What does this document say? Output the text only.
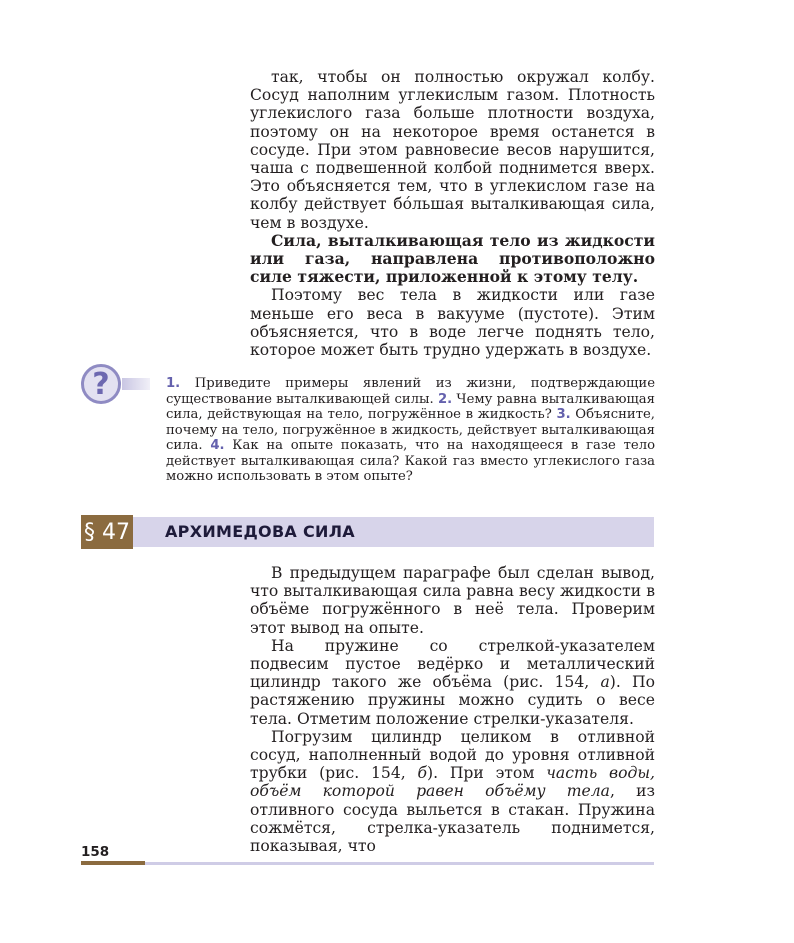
так, чтобы он полностью окружал колбу. Сосуд наполним углекислым газом. Плотность углекислого газа больше плотности воздуха, поэтому он на некоторое время останется в сосуде. При этом равновесие весов нарушится, чаша с подвешенной колбой поднимется вверх. Это объясняется тем, что в углекислом газе на колбу действует бо́льшая выталкивающая сила, чем в воздухе.

Сила, выталкивающая тело из жидкости или газа, направлена противоположно силе тяжести, приложенной к этому телу.

Поэтому вес тела в жидкости или газе меньше его веса в вакууме (пустоте). Этим объясняется, что в воде легче поднять тело, которое может быть трудно удержать в воздухе.

?	1. Приведите примеры явлений из жизни, подтверждающие существование выталкивающей силы. 2. Чему равна выталкивающая сила, действующая на тело, погружённое в жидкость? 3. Объясните, почему на тело, погружённое в жидкость, действует выталкивающая сила. 4. Как на опыте показать, что на находящееся в газе тело действует выталкивающая сила? Какой газ вместо углекислого газа можно использовать в этом опыте?
§ 47 АРХИМЕДОВА СИЛА

В предыдущем параграфе был сделан вывод, что выталкивающая сила равна весу жидкости в объёме погружённого в неё тела. Проверим этот вывод на опыте.

На пружине со стрелкой-указателем подвесим пустое ведёрко и металлический цилиндр такого же объёма (рис. 154, а). По растяжению пружины можно судить о весе тела. Отметим положение стрелки-указателя.

Погрузим цилиндр целиком в отливной сосуд, наполненный водой до уровня отливной трубки (рис. 154, б). При этом часть воды, объём которой равен объёму тела, из отливного сосуда выльется в стакан. Пружина сожмётся, стрелка-указатель поднимется, показывая, что

158
